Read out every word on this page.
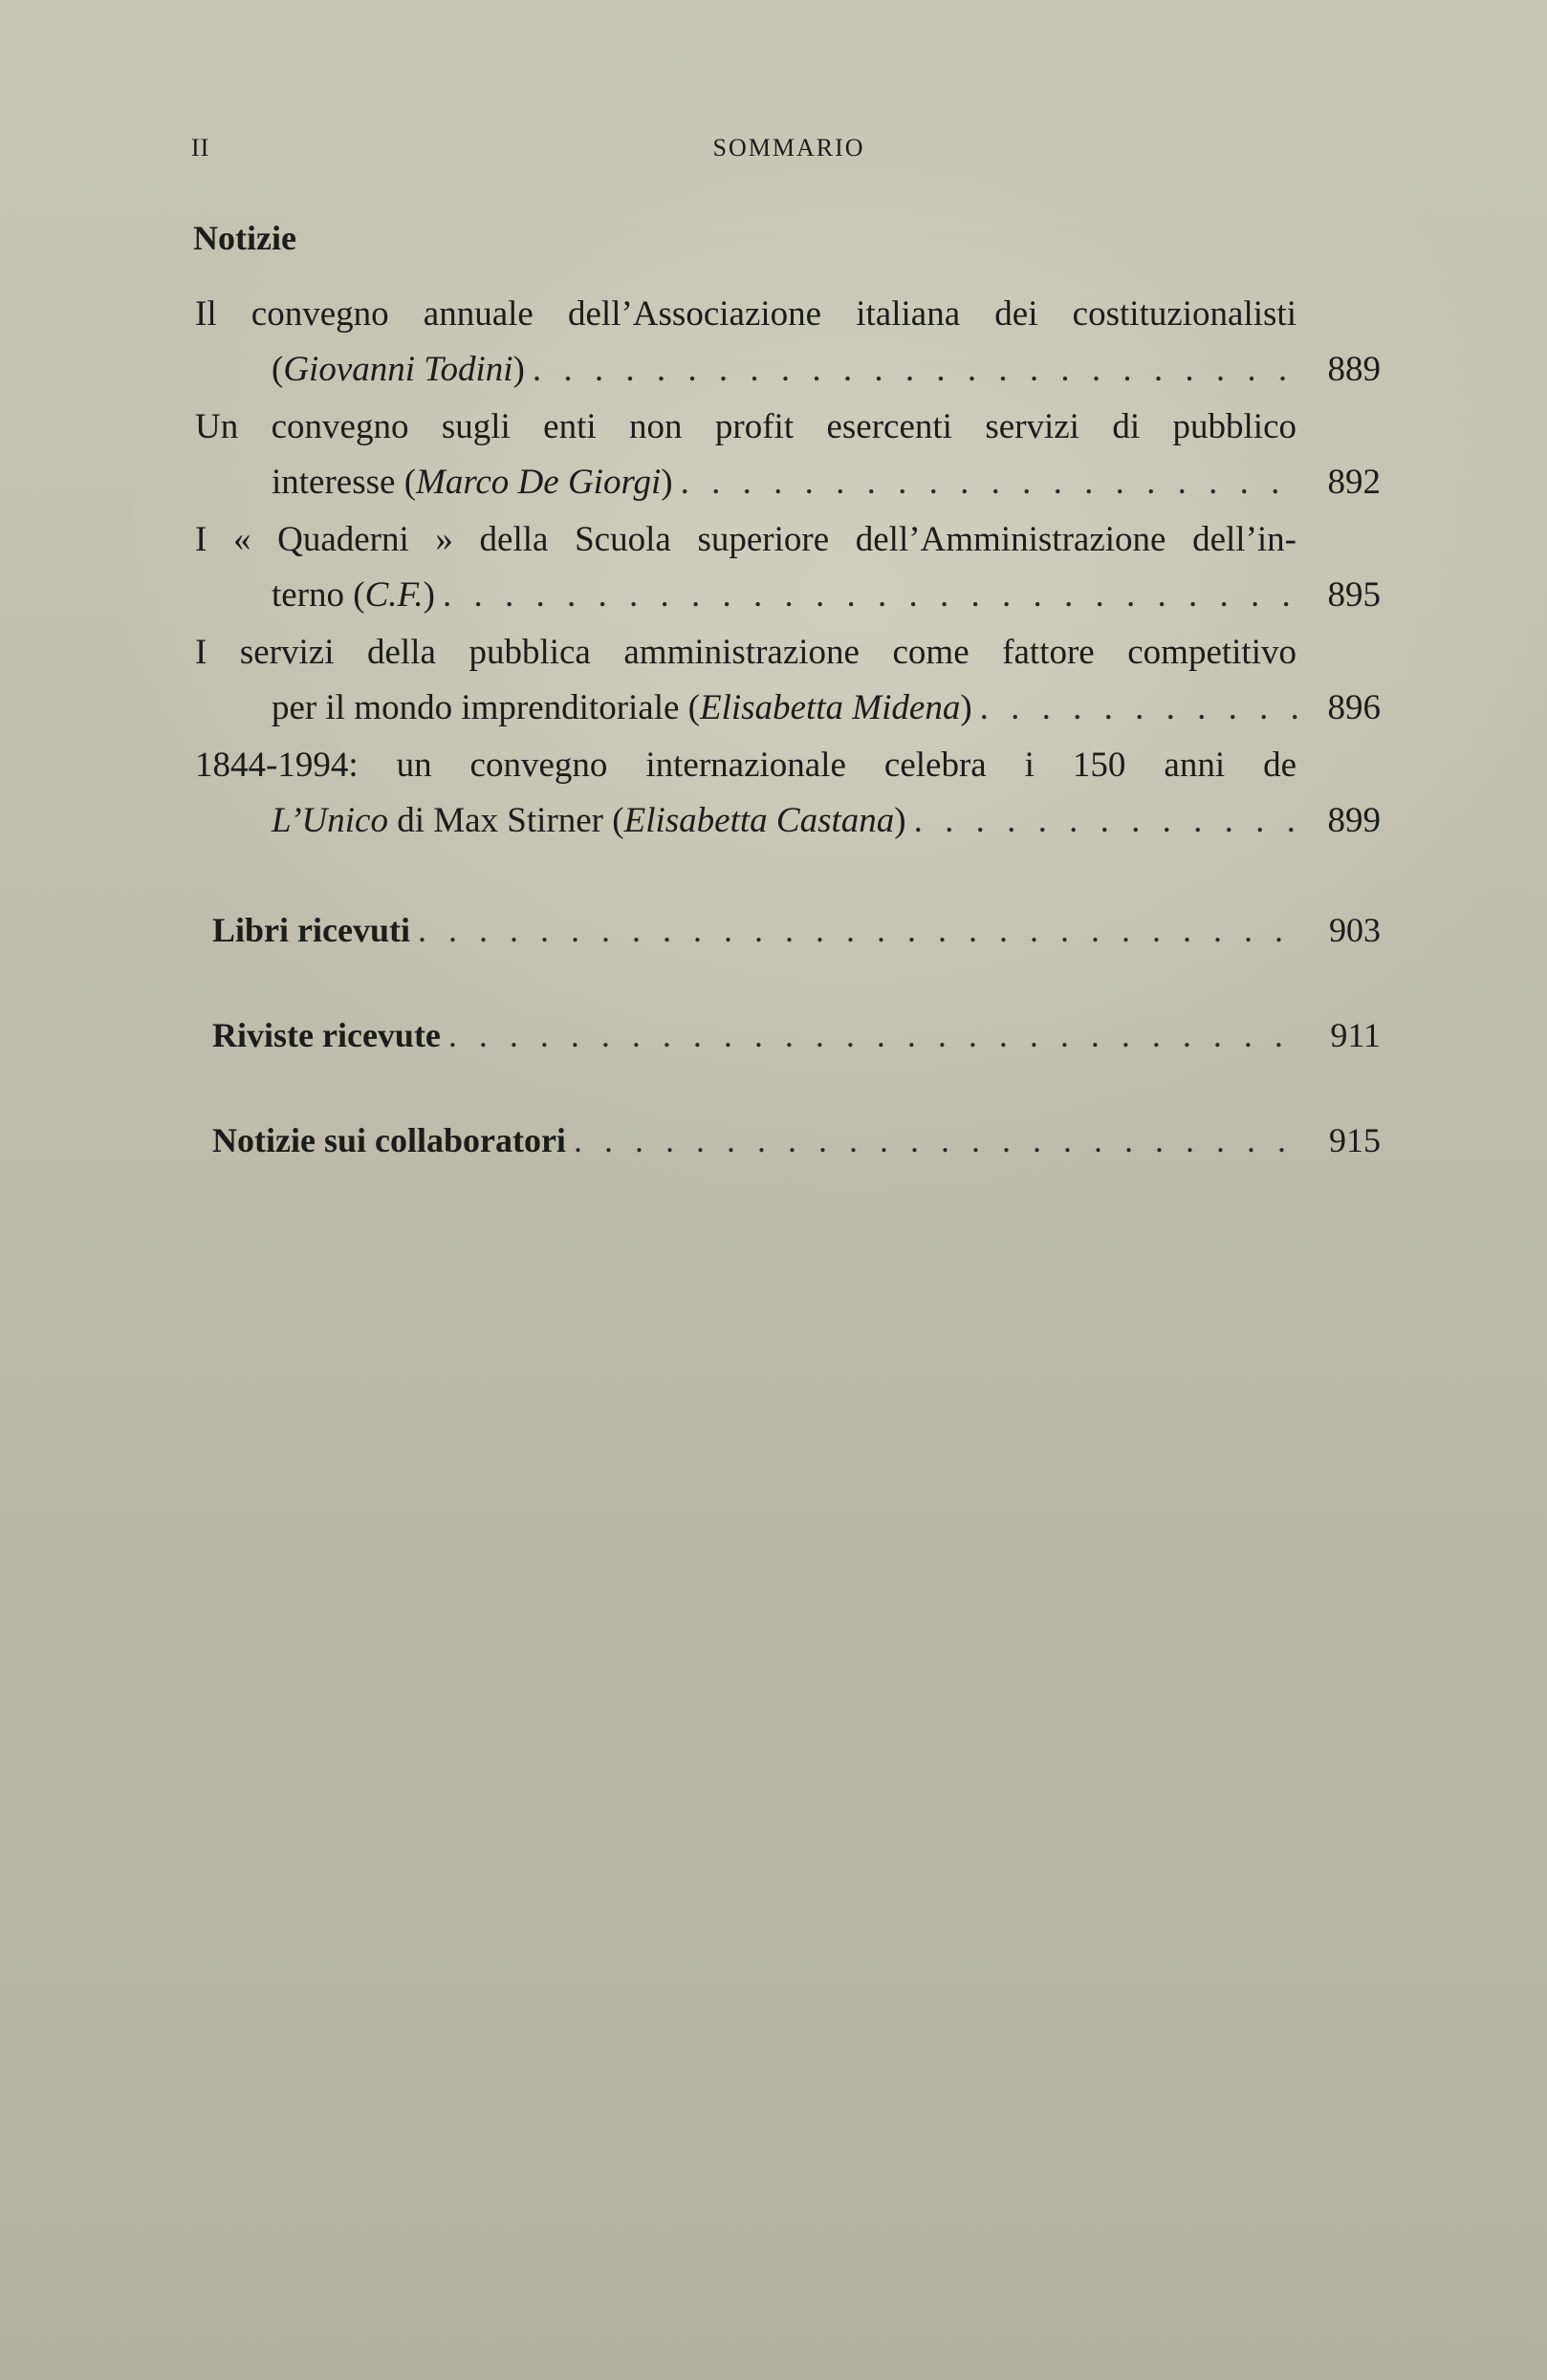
II	SOMMARIO
Notizie
Il convegno annuale dell’Associazione italiana dei costituzionalisti
(Giovanni Todini) . . .	889
Un convegno sugli enti non profit esercenti servizi di pubblico
interesse (Marco De Giorgi) . . .	892
I « Quaderni » della Scuola superiore dell’Amministrazione dell’in-
terno (C.F.) . . .	895
I servizi della pubblica amministrazione come fattore competitivo
per il mondo imprenditoriale (Elisabetta Midena) . . .	896
1844-1994: un convegno internazionale celebra i 150 anni de
L’Unico di Max Stirner (Elisabetta Castana) . . .	899
Libri ricevuti . . .	903
Riviste ricevute . . .	911
Notizie sui collaboratori . . .	915
